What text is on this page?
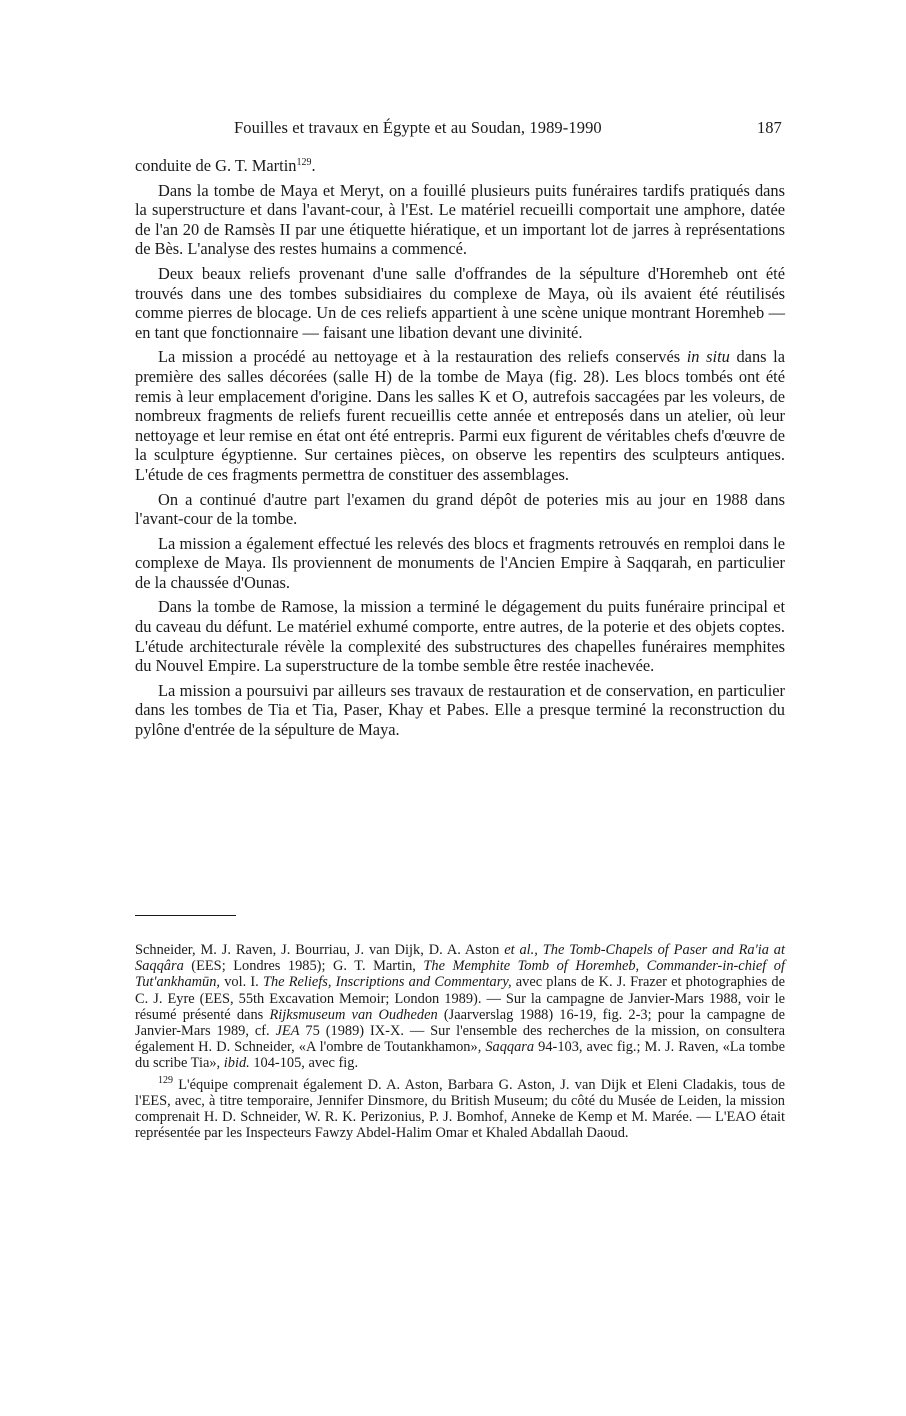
Fouilles et travaux en Égypte et au Soudan, 1989-1990	187

conduite de G. T. Martin$^{129}$.

Dans la tombe de Maya et Meryt, on a fouillé plusieurs puits funéraires tardifs pratiqués dans la superstructure et dans l'avant-cour, à l'Est. Le matériel recueilli comportait une amphore, datée de l'an 20 de Ramsès II par une étiquette hiératique, et un important lot de jarres à représentations de Bès. L'analyse des restes humains a commencé.

Deux beaux reliefs provenant d'une salle d'offrandes de la sépulture d'Horemheb ont été trouvés dans une des tombes subsidiaires du complexe de Maya, où ils avaient été réutilisés comme pierres de blocage. Un de ces reliefs appartient à une scène unique montrant Horemheb — en tant que fonctionnaire — faisant une libation devant une divinité.

La mission a procédé au nettoyage et à la restauration des reliefs conservés in situ dans la première des salles décorées (salle H) de la tombe de Maya (fig. 28). Les blocs tombés ont été remis à leur emplacement d'origine. Dans les salles K et O, autrefois saccagées par les voleurs, de nombreux fragments de reliefs furent recueillis cette année et entreposés dans un atelier, où leur nettoyage et leur remise en état ont été entrepris. Parmi eux figurent de véritables chefs d'œuvre de la sculpture égyptienne. Sur certaines pièces, on observe les repentirs des sculpteurs antiques. L'étude de ces fragments permettra de constituer des assemblages.

On a continué d'autre part l'examen du grand dépôt de poteries mis au jour en 1988 dans l'avant-cour de la tombe.

La mission a également effectué les relevés des blocs et fragments retrouvés en remploi dans le complexe de Maya. Ils proviennent de monuments de l'Ancien Empire à Saqqarah, en particulier de la chaussée d'Ounas.

Dans la tombe de Ramose, la mission a terminé le dégagement du puits funéraire principal et du caveau du défunt. Le matériel exhumé comporte, entre autres, de la poterie et des objets coptes. L'étude architecturale révèle la complexité des substructures des chapelles funéraires memphites du Nouvel Empire. La superstructure de la tombe semble être restée inachevée.

La mission a poursuivi par ailleurs ses travaux de restauration et de conservation, en particulier dans les tombes de Tia et Tia, Paser, Khay et Pabes. Elle a presque terminé la reconstruction du pylône d'entrée de la sépulture de Maya.

Schneider, M. J. Raven, J. Bourriau, J. van Dijk, D. A. Aston et al., The Tomb-Chapels of Paser and Ra'ia at Saqqâra (EES; Londres 1985); G. T. Martin, The Memphite Tomb of Horemheb, Commander-in-chief of Tut'ankhamūn, vol. I. The Reliefs, Inscriptions and Commentary, avec plans de K. J. Frazer et photographies de C. J. Eyre (EES, 55th Excavation Memoir; London 1989). — Sur la campagne de Janvier-Mars 1988, voir le résumé présenté dans Rijksmuseum van Oudheden (Jaarverslag 1988) 16-19, fig. 2-3; pour la campagne de Janvier-Mars 1989, cf. JEA 75 (1989) IX-X. — Sur l'ensemble des recherches de la mission, on consultera également H. D. Schneider, «A l'ombre de Toutankhamon», Saqqara 94-103, avec fig.; M. J. Raven, «La tombe du scribe Tia», ibid. 104-105, avec fig.

$^{129}$ L'équipe comprenait également D. A. Aston, Barbara G. Aston, J. van Dijk et Eleni Cladakis, tous de l'EES, avec, à titre temporaire, Jennifer Dinsmore, du British Museum; du côté du Musée de Leiden, la mission comprenait H. D. Schneider, W. R. K. Perizonius, P. J. Bomhof, Anneke de Kemp et M. Marée. — L'EAO était représentée par les Inspecteurs Fawzy Abdel-Halim Omar et Khaled Abdallah Daoud.
